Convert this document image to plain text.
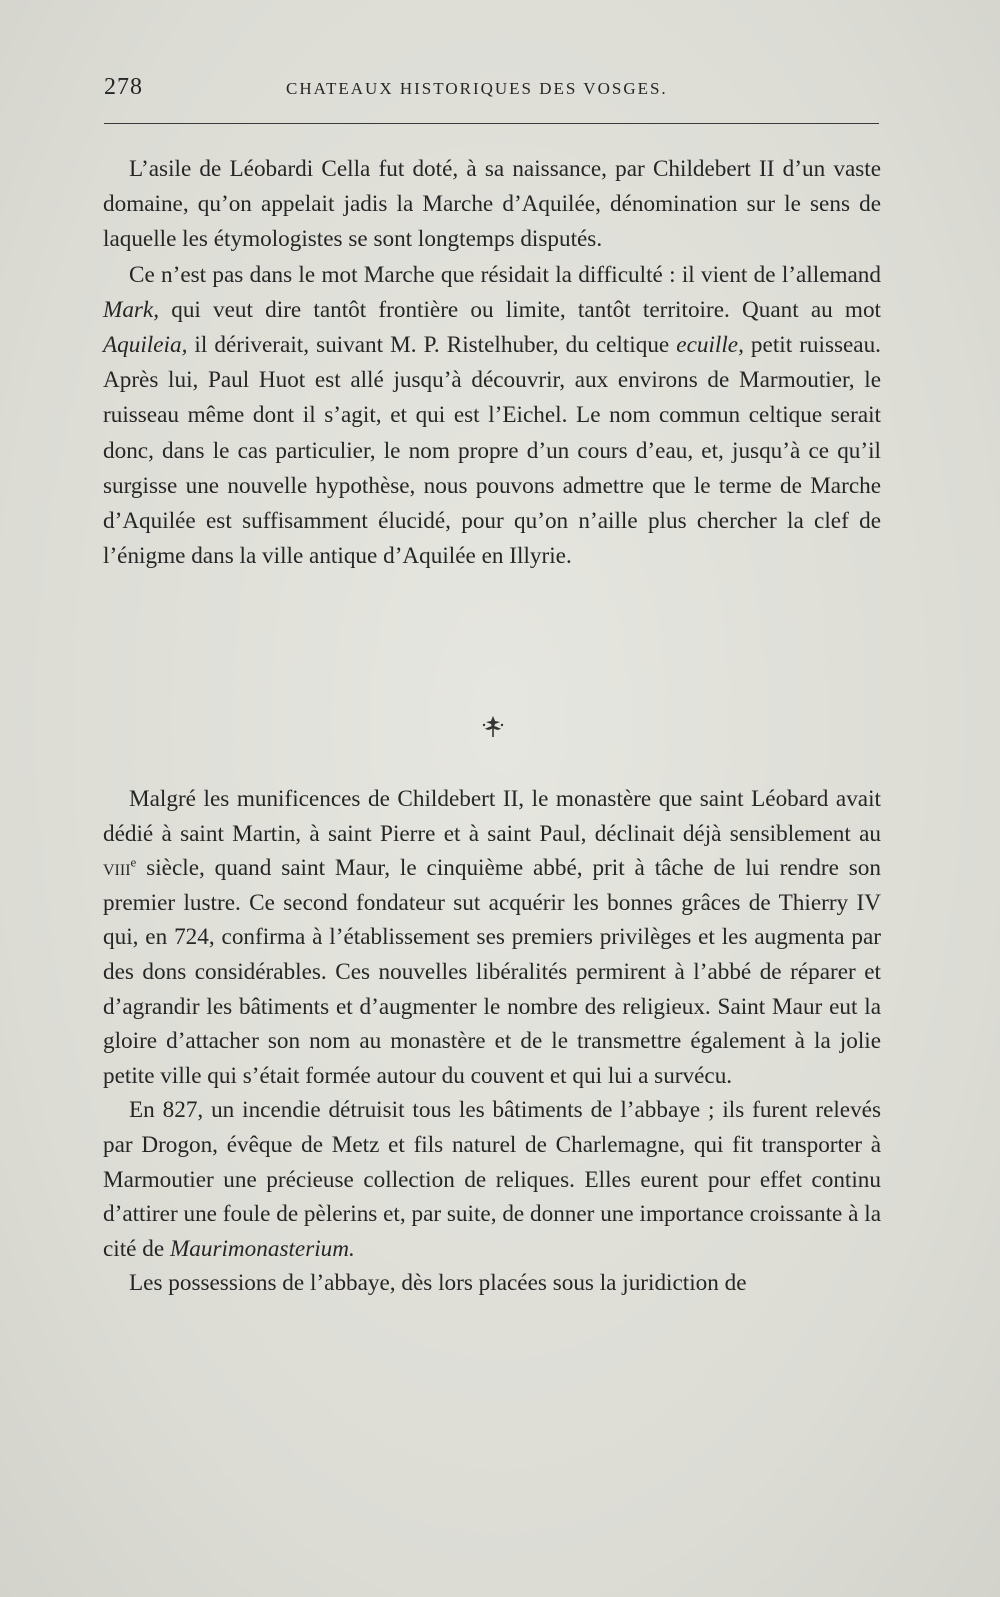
278	CHATEAUX HISTORIQUES DES VOSGES.

L’asile de Léobardi Cella fut doté, à sa naissance, par Childebert II d’un vaste domaine, qu’on appelait jadis la Marche d’Aquilée, dénomination sur le sens de laquelle les étymologistes se sont longtemps disputés.

Ce n’est pas dans le mot Marche que résidait la difficulté : il vient de l’allemand Mark, qui veut dire tantôt frontière ou limite, tantôt territoire. Quant au mot Aquileia, il dériverait, suivant M. P. Ristelhuber, du celtique ecuille, petit ruisseau. Après lui, Paul Huot est allé jusqu’à découvrir, aux environs de Marmoutier, le ruisseau même dont il s’agit, et qui est l’Eichel. Le nom commun celtique serait donc, dans le cas particulier, le nom propre d’un cours d’eau, et, jusqu’à ce qu’il surgisse une nouvelle hypothèse, nous pouvons admettre que le terme de Marche d’Aquilée est suffisamment élucidé, pour qu’on n’aille plus chercher la clef de l’énigme dans la ville antique d’Aquilée en Illyrie.

Malgré les munificences de Childebert II, le monastère que saint Léobard avait dédié à saint Martin, à saint Pierre et à saint Paul, déclinait déjà sensiblement au viii$^e$ siècle, quand saint Maur, le cinquième abbé, prit à tâche de lui rendre son premier lustre. Ce second fondateur sut acquérir les bonnes grâces de Thierry IV qui, en 724, confirma à l’établissement ses premiers privilèges et les augmenta par des dons considérables. Ces nouvelles libéralités permirent à l’abbé de réparer et d’agrandir les bâtiments et d’augmenter le nombre des religieux. Saint Maur eut la gloire d’attacher son nom au monastère et de le transmettre également à la jolie petite ville qui s’était formée autour du couvent et qui lui a survécu.

En 827, un incendie détruisit tous les bâtiments de l’abbaye ; ils furent relevés par Drogon, évêque de Metz et fils naturel de Charlemagne, qui fit transporter à Marmoutier une précieuse collection de reliques. Elles eurent pour effet continu d’attirer une foule de pèlerins et, par suite, de donner une importance croissante à la cité de Maurimonasterium.

Les possessions de l’abbaye, dès lors placées sous la juridiction de
